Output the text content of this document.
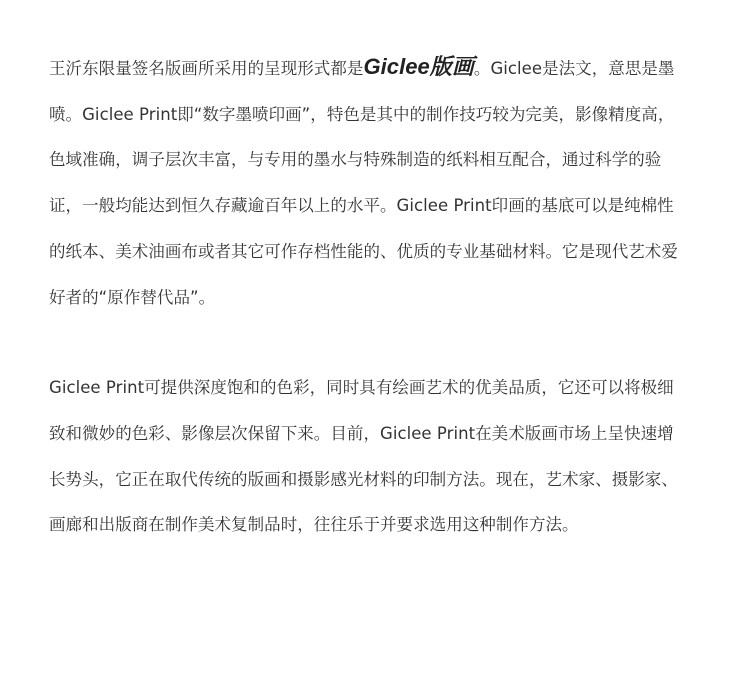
王沂东限量签名版画所采用的呈现形式都是Giclee版画。Giclee是法文，意思是墨喷。Giclee Print即“数字墨喷印画”，特色是其中的制作技巧较为完美，影像精度高，色域准确，调子层次丰富，与专用的墨水与特殊制造的纸料相互配合，通过科学的验证，一般均能达到恒久存藏逾百年以上的水平。Giclee Print印画的基底可以是纯棉性的纸本、美术油画布或者其它可作存档性能的、优质的专业基础材料。它是现代艺术爱好者的“原作替代品”。

Giclee Print可提供深度饱和的色彩，同时具有绘画艺术的优美品质，它还可以将极细致和微妙的色彩、影像层次保留下来。目前，Giclee Print在美术版画市场上呈快速增长势头，它正在取代传统的版画和摄影感光材料的印制方法。现在，艺术家、摄影家、画廊和出版商在制作美术复制品时，往往乐于并要求选用这种制作方法。
